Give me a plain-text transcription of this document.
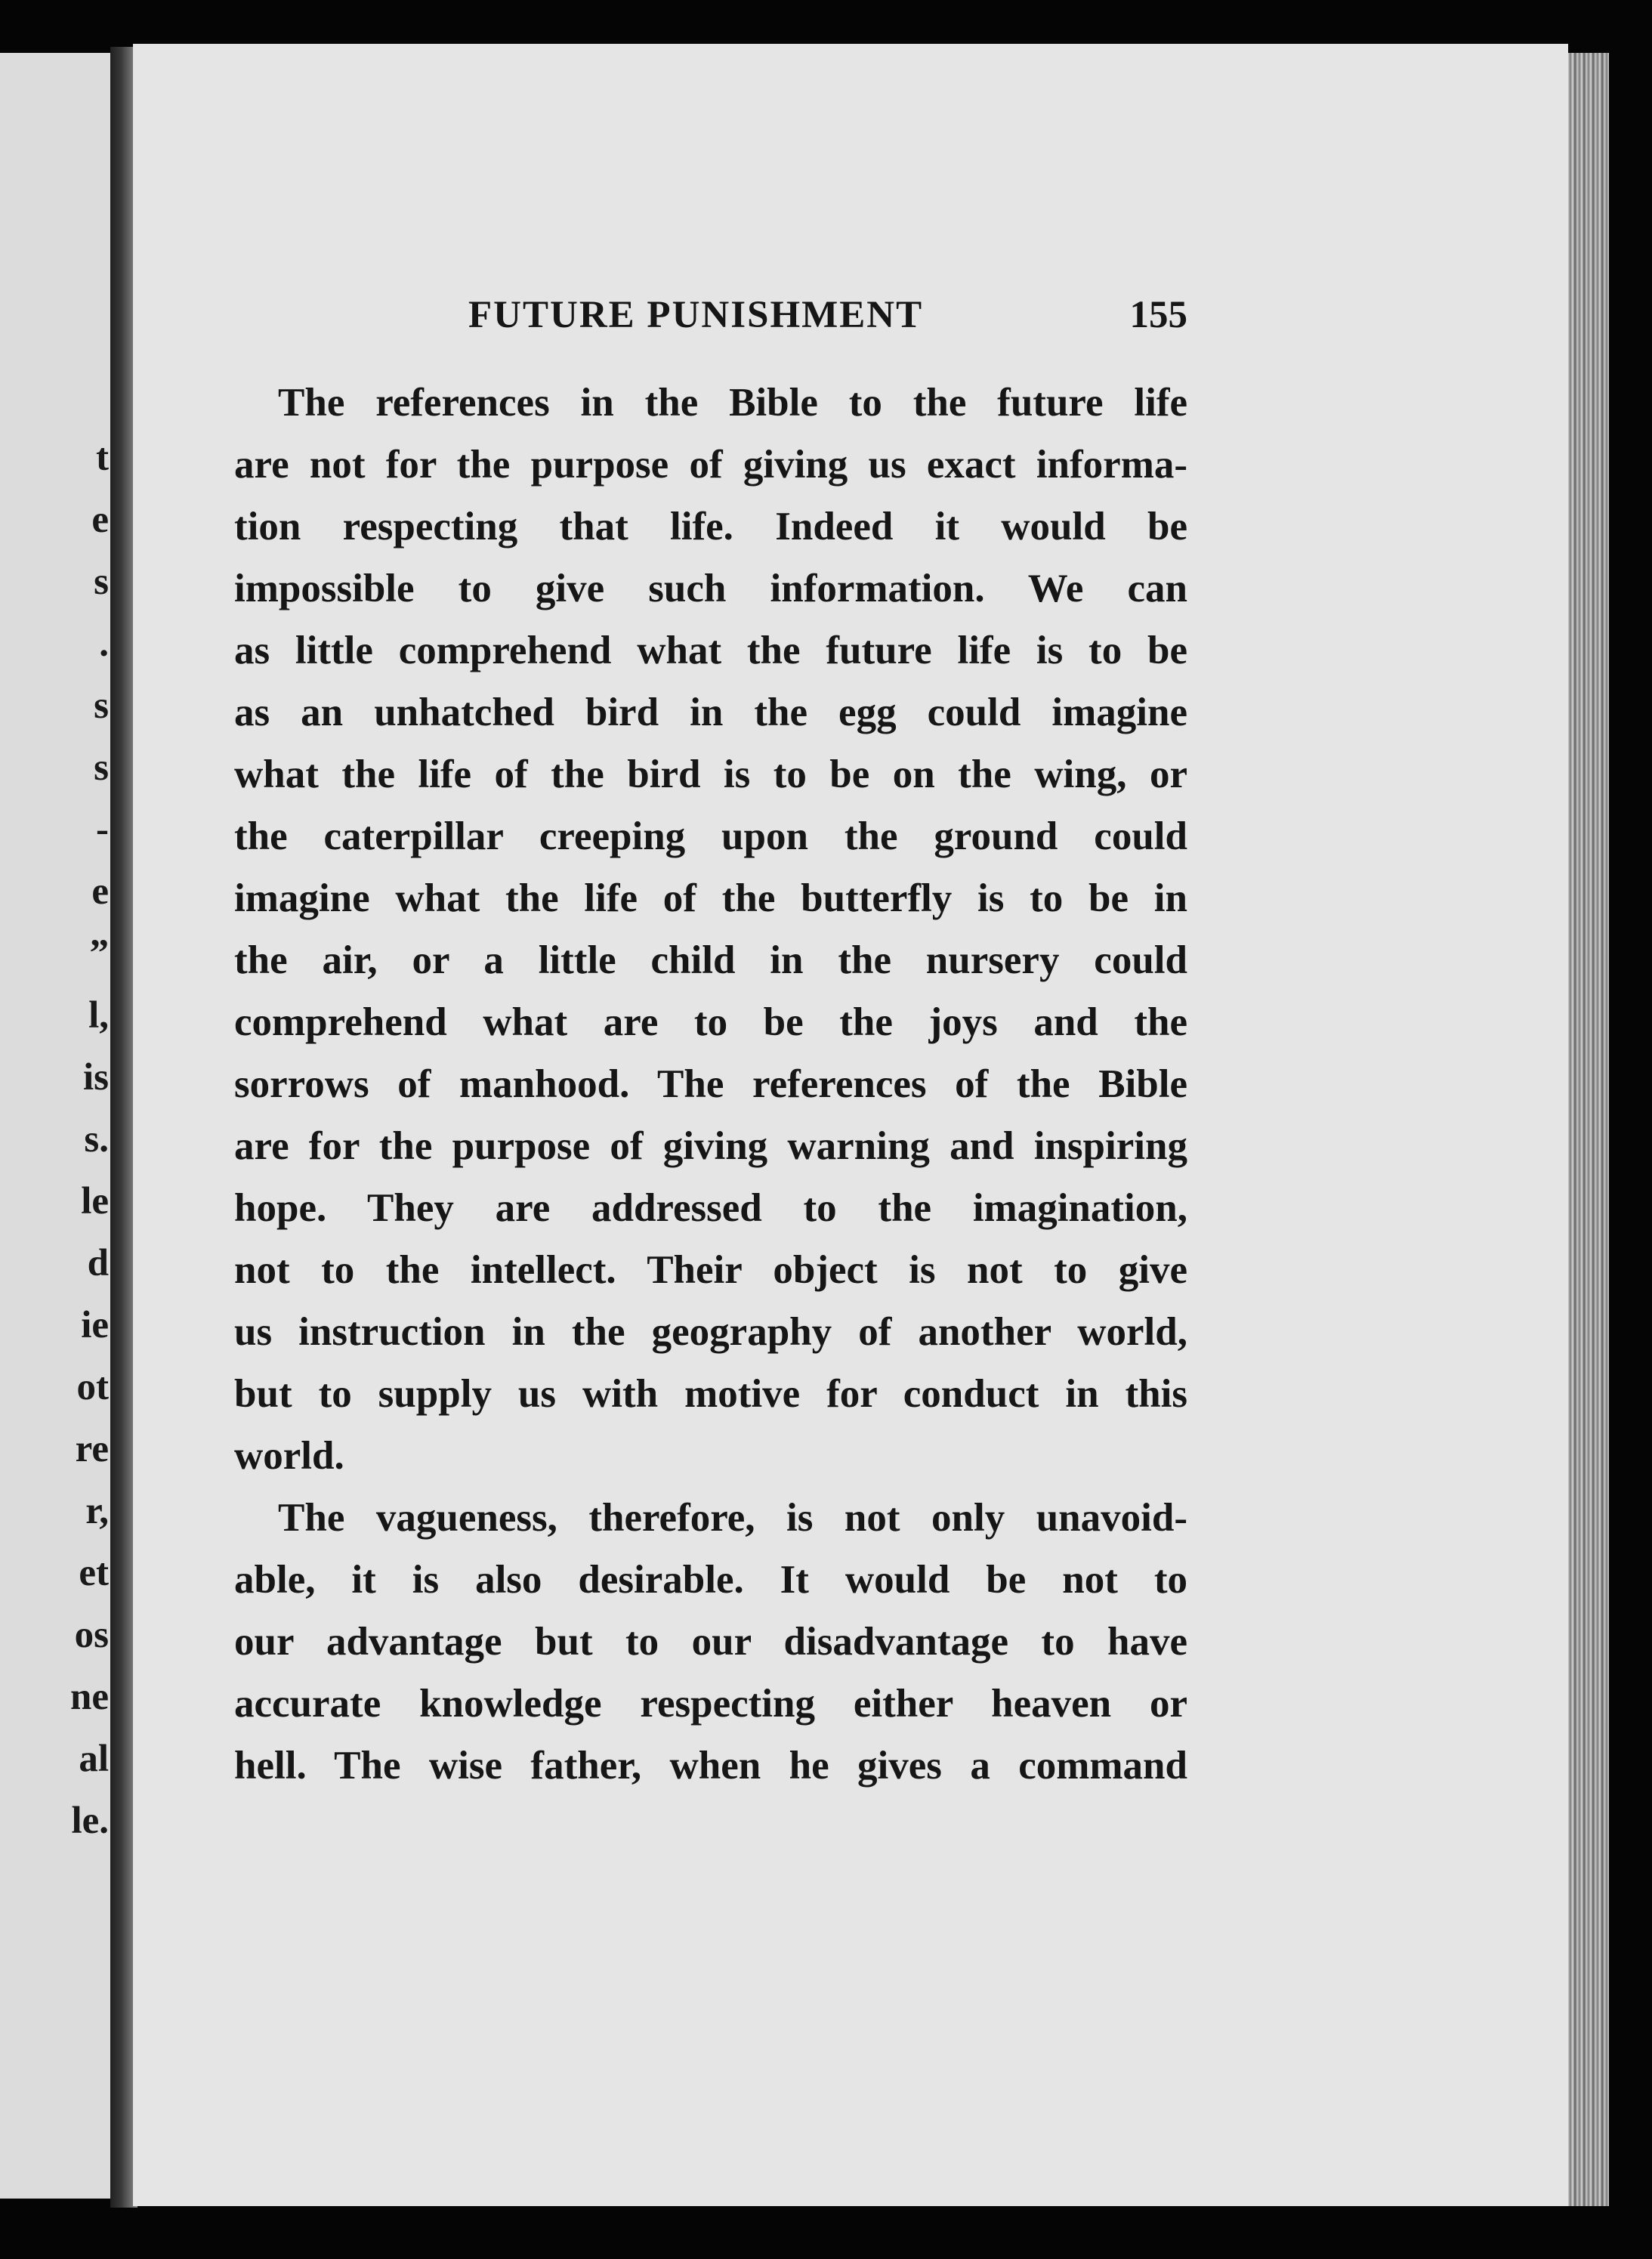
t
e
s
.
s
s
-
e
”
l,
is
s.
le
d
ie
ot
re
r,
et
os
ne
al
le.
FUTURE PUNISHMENT	155
The references in the Bible to the future life
are not for the purpose of giving us exact informa-
tion respecting that life. Indeed it would be
impossible to give such information. We can
as little comprehend what the future life is to be
as an unhatched bird in the egg could imagine
what the life of the bird is to be on the wing, or
the caterpillar creeping upon the ground could
imagine what the life of the butterfly is to be in
the air, or a little child in the nursery could
comprehend what are to be the joys and the
sorrows of manhood. The references of the Bible
are for the purpose of giving warning and inspiring
hope. They are addressed to the imagination,
not to the intellect. Their object is not to give
us instruction in the geography of another world,
but to supply us with motive for conduct in this
world.
The vagueness, therefore, is not only unavoid-
able, it is also desirable. It would be not to
our advantage but to our disadvantage to have
accurate knowledge respecting either heaven or
hell. The wise father, when he gives a command
